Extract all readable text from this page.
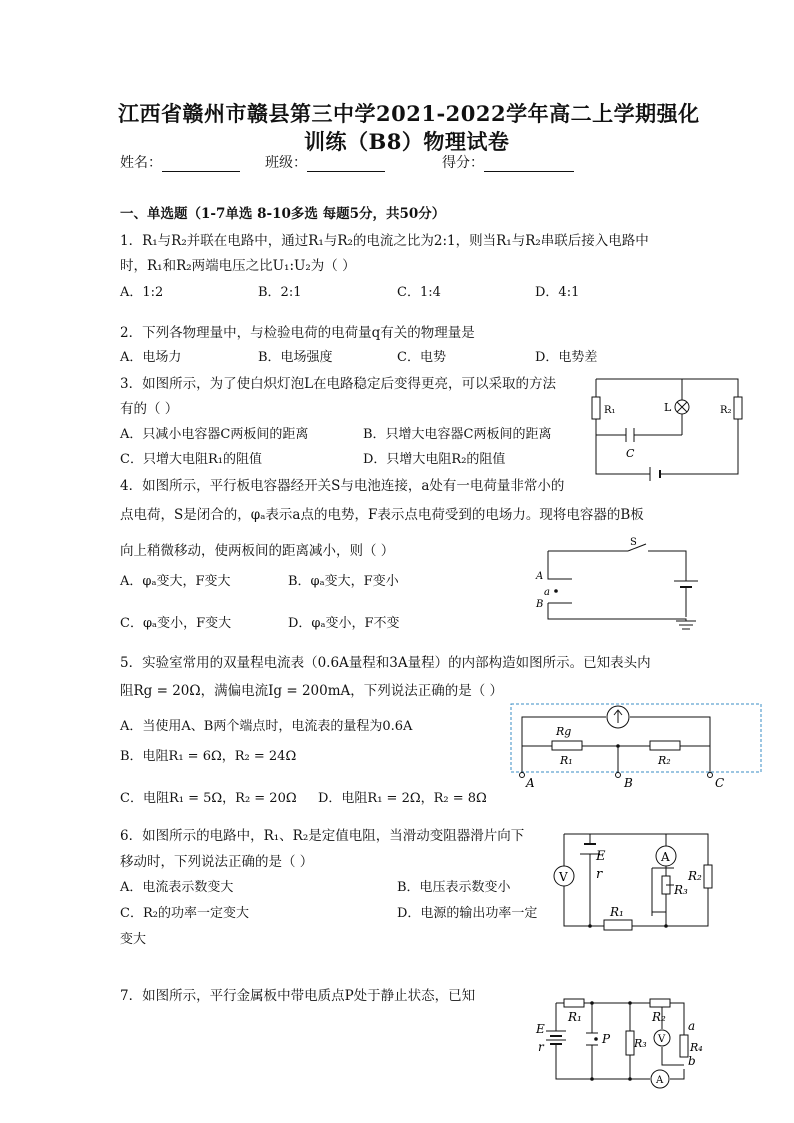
江西省赣州市赣县第三中学2021-2022学年高二上学期强化
训练（B8）物理试卷
姓名：	班级：	得分：
一、单选题（1-7单选 8-10多选 每题5分，共50分）
1．R₁与R₂并联在电路中，通过R₁与R₂的电流之比为2:1，则当R₁与R₂串联后接入电路中
时，R₁和R₂两端电压之比U₁:U₂为（ ）
A．1:2	B．2:1	C．1:4	D．4:1
2．下列各物理量中，与检验电荷的电荷量q有关的物理量是
A．电场力	B．电场强度	C．电势	D．电势差
3．如图所示，为了使白炽灯泡L在电路稳定后变得更亮，可以采取的方法
有的（ ）
A．只减小电容器C两板间的距离	B．只增大电容器C两板间的距离
C．只增大电阻R₁的阻值	D．只增大电阻R₂的阻值
R₁	R₂
L
C
4．如图所示，平行板电容器经开关S与电池连接，a处有一电荷量非常小的
点电荷，S是闭合的，φₐ表示a点的电势，F表示点电荷受到的电场力。现将电容器的B板
向上稍微移动，使两板间的距离减小，则（ ）
A．φₐ变大，F变大	B．φₐ变大，F变小
C．φₐ变小，F变大	D．φₐ变小，F不变
S
A
a
B
5．实验室常用的双量程电流表（0.6A量程和3A量程）的内部构造如图所示。已知表头内
阻Rg = 20Ω，满偏电流Ig = 200mA，下列说法正确的是（ ）
A．当使用A、B两个端点时，电流表的量程为0.6A
B．电阻R₁ = 6Ω，R₂ = 24Ω
C．电阻R₁ = 5Ω，R₂ = 20Ω D．电阻R₁ = 2Ω，R₂ = 8Ω
Rg
R₁	R₂
A	B	C
6．如图所示的电路中，R₁、R₂是定值电阻，当滑动变阻器滑片向下
移动时，下列说法正确的是（ ）
A．电流表示数变大	B．电压表示数变小
C．R₂的功率一定变大	D．电源的输出功率一定
变大
A
V
E
r
R₃
R₂
R₁
7．如图所示，平行金属板中带电质点P处于静止状态，已知
V
A
E
r
R₁
P R₃
R₂
R₄
a
b
